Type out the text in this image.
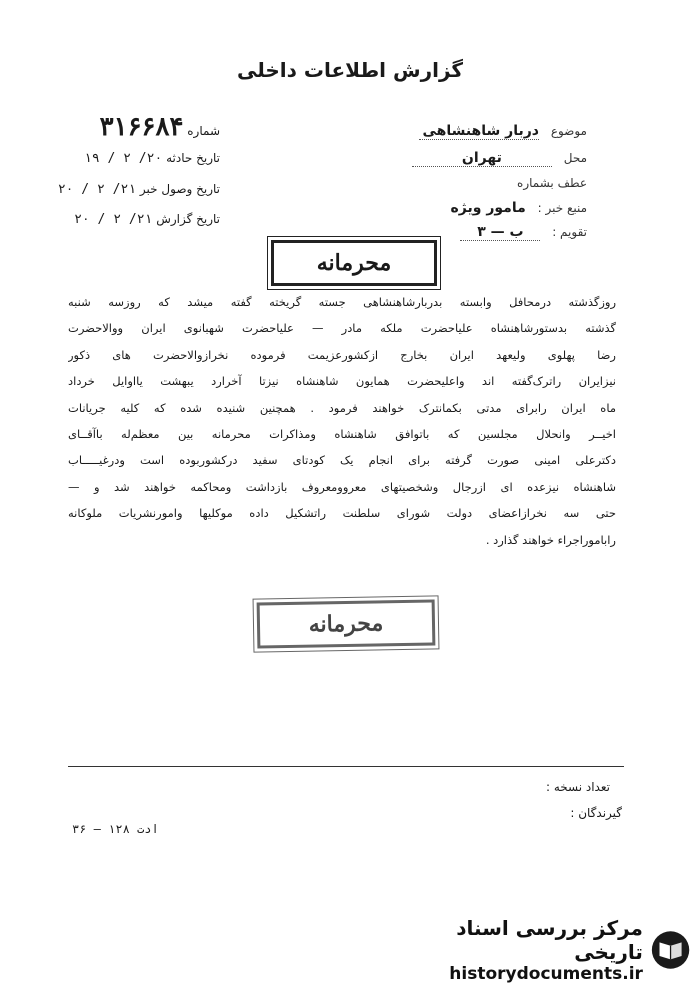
گزارش اطلاعات داخلی
موضوع دربار شاهنشاهی
محل تهران
عطف بشماره
منبع خبر : مامور ویژه
تقویم : ب — ۳
شماره ۳۱۶۶۸۴
تاریخ حادثه ۲۰/ ۲ / ۱۹
تاریخ وصول خبر ۲۱/ ۲ / ۲۰
تاریخ گزارش ۲۱/ ۲ / ۲۰
محرمانه
روزگذشته درمحافل وابسته بدربارشاهنشاهی جسته گریخته گفته میشد که روزسه شنبه
گذشته بدستورشاهنشاه علیاحضرت ملکه مادر — علیاحضرت شهبانوی ایران ووالاحضرت
رضا پهلوی ولیعهد ایران بخارج ازکشورعزیمت فرموده نخرازوالاحضرت های ذکور
نیزایران راترک‌گفته اند واعلیحضرت همایون شاهنشاه نیزتا آخرارد یبهشت یااوایل خرداد
ماه ایران رابرای مدتی بکمانترک خواهند فرمود . همچنین شنیده شده که کلیه جریانات
اخیــر وانحلال مجلسین که باتوافق شاهنشاه ومذاکرات محرمانه بین معظم‌له باآقــای
دکترعلی امینی صورت گرفته برای انجام یک کودتای سفید درکشوربوده است ودرغیـــــاب
شاهنشاه نیزعده ای ازرجال وشخصیتهای معروومعروف بازداشت ومحاکمه خواهند شد و —
حتی سه نخرازاعضای دولت شورای سلطنت راتشکیل داده موکلیها وامورنشریات ملوکانه
راباموراجراء خواهند گذارد .
محرمانه
تعداد نسخه :
گیرندگان :
۳۶ — ۱۲۸ ادت
مرکز بررسی اسناد تاریخی
historydocuments.ir
